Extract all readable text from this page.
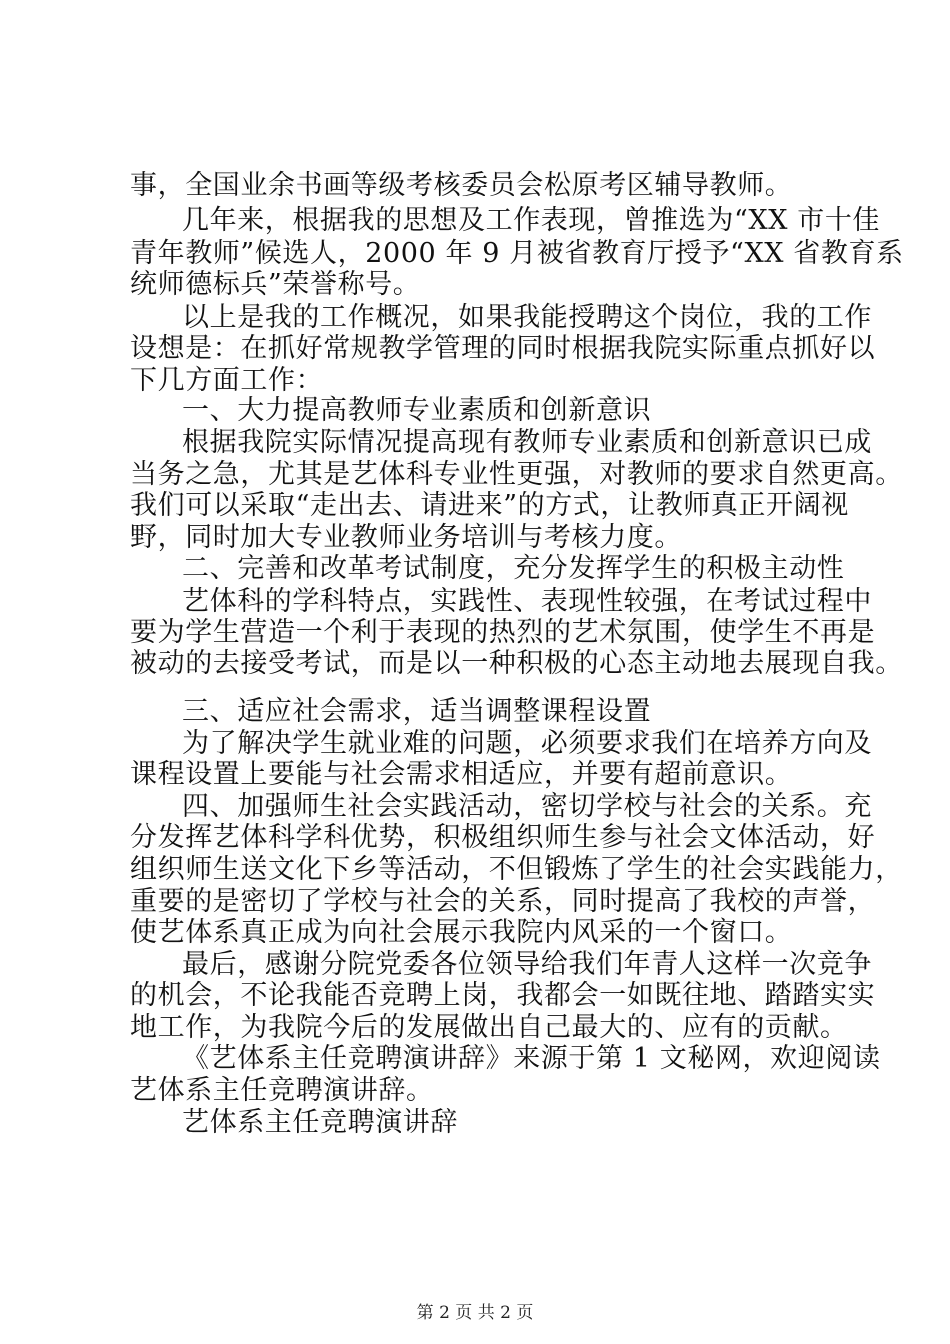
事，全国业余书画等级考核委员会松原考区辅导教师。
几年来，根据我的思想及工作表现，曾推选为“XX 市十佳
青年教师”候选人，2000 年 9 月被省教育厅授予“XX 省教育系
统师德标兵”荣誉称号。
以上是我的工作概况，如果我能授聘这个岗位，我的工作
设想是：在抓好常规教学管理的同时根据我院实际重点抓好以
下几方面工作：
一、大力提高教师专业素质和创新意识
根据我院实际情况提高现有教师专业素质和创新意识已成
当务之急，尤其是艺体科专业性更强，对教师的要求自然更高。
我们可以采取“走出去、请进来”的方式，让教师真正开阔视
野，同时加大专业教师业务培训与考核力度。
二、完善和改革考试制度，充分发挥学生的积极主动性
艺体科的学科特点，实践性、表现性较强，在考试过程中
要为学生营造一个利于表现的热烈的艺术氛围，使学生不再是
被动的去接受考试，而是以一种积极的心态主动地去展现自我。
三、适应社会需求，适当调整课程设置
为了解决学生就业难的问题，必须要求我们在培养方向及
课程设置上要能与社会需求相适应，并要有超前意识。
四、加强师生社会实践活动，密切学校与社会的关系。充
分发挥艺体科学科优势，积极组织师生参与社会文体活动，好
组织师生送文化下乡等活动，不但锻炼了学生的社会实践能力，
重要的是密切了学校与社会的关系，同时提高了我校的声誉，
使艺体系真正成为向社会展示我院内风采的一个窗口。
最后，感谢分院党委各位领导给我们年青人这样一次竞争
的机会，不论我能否竞聘上岗，我都会一如既往地、踏踏实实
地工作，为我院今后的发展做出自己最大的、应有的贡献。
《艺体系主任竞聘演讲辞》来源于第 1 文秘网，欢迎阅读
艺体系主任竞聘演讲辞。
艺体系主任竞聘演讲辞
第 2 页 共 2 页
